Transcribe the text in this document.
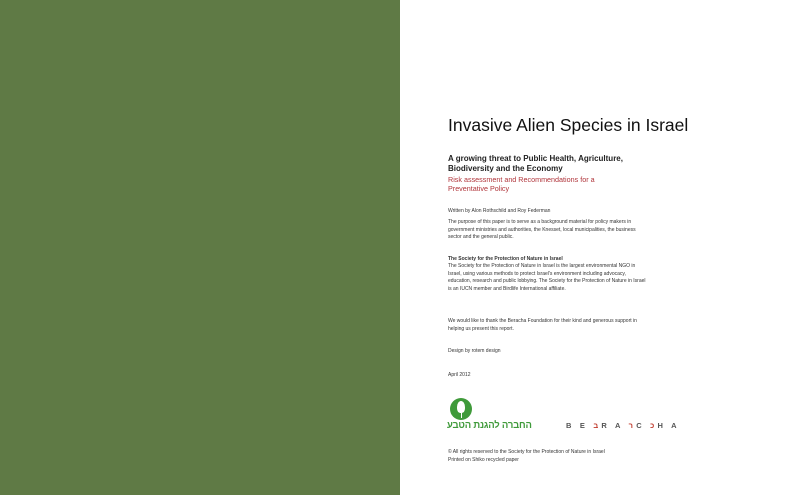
Invasive Alien Species in Israel

A growing threat to Public Health, Agriculture, Biodiversity and the Economy

Risk assessment and Recommendations for a Preventative Policy

Written by Alon Rothschild and Roy Federman

The purpose of this paper is to serve as a background material for policy makers in government ministries and authorities, the Knesset, local municipalities, the business sector and the general public.

The Society for the Protection of Nature in Israel

The Society for the Protection of Nature in Israel is the largest environmental NGO in Israel, using various methods to protect Israel's environment including advocacy, education, research and public lobbying. The Society for the Protection of Nature in Israel is an IUCN member and Birdlife International affiliate.

We would like to thank the Beracha Foundation for their kind and generous support in helping us present this report.

Design by rotem design

April 2012

החברה להגנת הטבע	B E בR A רC כH A
© All rights reserved to the Society for the Protection of Nature in Israel
Printed on Shiko recycled paper
